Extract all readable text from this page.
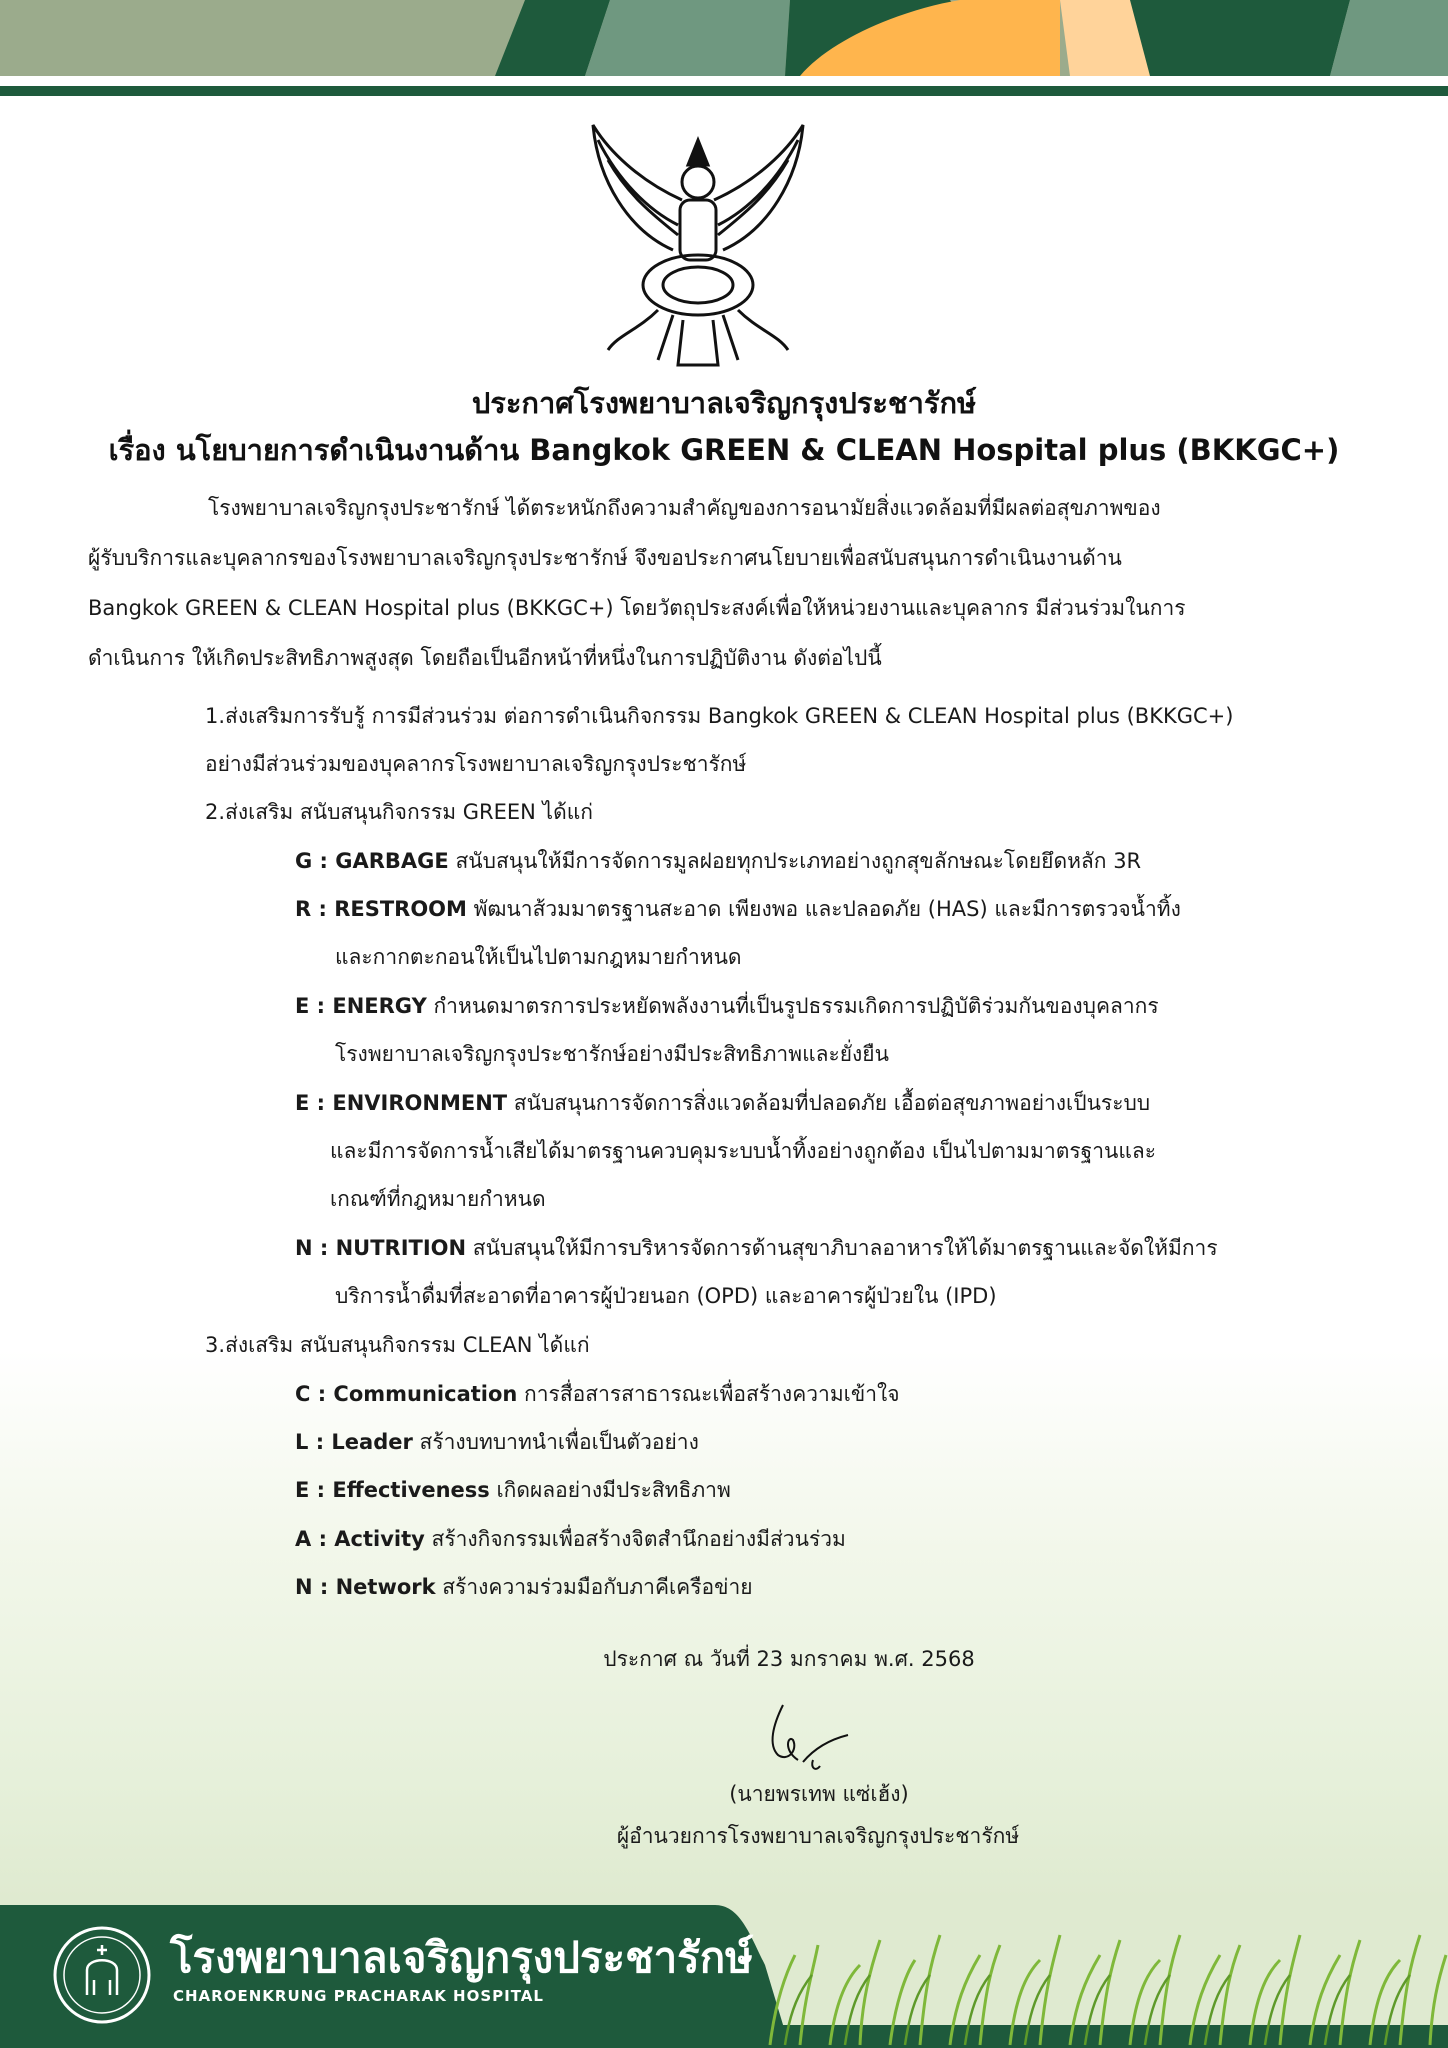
ประกาศโรงพยาบาลเจริญกรุงประชารักษ์
เรื่อง นโยบายการดำเนินงานด้าน Bangkok GREEN & CLEAN Hospital plus (BKKGC+)
โรงพยาบาลเจริญกรุงประชารักษ์ ได้ตระหนักถึงความสำคัญของการอนามัยสิ่งแวดล้อมที่มีผลต่อสุขภาพของ
ผู้รับบริการและบุคลากรของโรงพยาบาลเจริญกรุงประชารักษ์ จึงขอประกาศนโยบายเพื่อสนับสนุนการดำเนินงานด้าน
Bangkok GREEN & CLEAN Hospital plus (BKKGC+) โดยวัตถุประสงค์เพื่อให้หน่วยงานและบุคลากร มีส่วนร่วมในการ
ดำเนินการ ให้เกิดประสิทธิภาพสูงสุด โดยถือเป็นอีกหน้าที่หนึ่งในการปฏิบัติงาน ดังต่อไปนี้
1.ส่งเสริมการรับรู้ การมีส่วนร่วม ต่อการดำเนินกิจกรรม Bangkok GREEN & CLEAN Hospital plus (BKKGC+)
อย่างมีส่วนร่วมของบุคลากรโรงพยาบาลเจริญกรุงประชารักษ์
2.ส่งเสริม สนับสนุนกิจกรรม GREEN ได้แก่
G : GARBAGE สนับสนุนให้มีการจัดการมูลฝอยทุกประเภทอย่างถูกสุขลักษณะโดยยึดหลัก 3R
R : RESTROOM พัฒนาส้วมมาตรฐานสะอาด เพียงพอ และปลอดภัย (HAS) และมีการตรวจน้ำทิ้ง
และกากตะกอนให้เป็นไปตามกฎหมายกำหนด
E : ENERGY กำหนดมาตรการประหยัดพลังงานที่เป็นรูปธรรมเกิดการปฏิบัติร่วมกันของบุคลากร
โรงพยาบาลเจริญกรุงประชารักษ์อย่างมีประสิทธิภาพและยั่งยืน
E : ENVIRONMENT สนับสนุนการจัดการสิ่งแวดล้อมที่ปลอดภัย เอื้อต่อสุขภาพอย่างเป็นระบบ
และมีการจัดการน้ำเสียได้มาตรฐานควบคุมระบบน้ำทิ้งอย่างถูกต้อง เป็นไปตามมาตรฐานและ
เกณฑ์ที่กฎหมายกำหนด
N : NUTRITION สนับสนุนให้มีการบริหารจัดการด้านสุขาภิบาลอาหารให้ได้มาตรฐานและจัดให้มีการ
บริการน้ำดื่มที่สะอาดที่อาคารผู้ป่วยนอก (OPD) และอาคารผู้ป่วยใน (IPD)
3.ส่งเสริม สนับสนุนกิจกรรม CLEAN ได้แก่
C : Communication การสื่อสารสาธารณะเพื่อสร้างความเข้าใจ
L : Leader สร้างบทบาทนำเพื่อเป็นตัวอย่าง
E : Effectiveness เกิดผลอย่างมีประสิทธิภาพ
A : Activity สร้างกิจกรรมเพื่อสร้างจิตสำนึกอย่างมีส่วนร่วม
N : Network สร้างความร่วมมือกับภาคีเครือข่าย
ประกาศ ณ วันที่ 23 มกราคม พ.ศ. 2568
(นายพรเทพ แซ่เฮ้ง)
ผู้อำนวยการโรงพยาบาลเจริญกรุงประชารักษ์
โรงพยาบาลเจริญกรุงประชารักษ์
CHAROENKRUNG PRACHARAK HOSPITAL
